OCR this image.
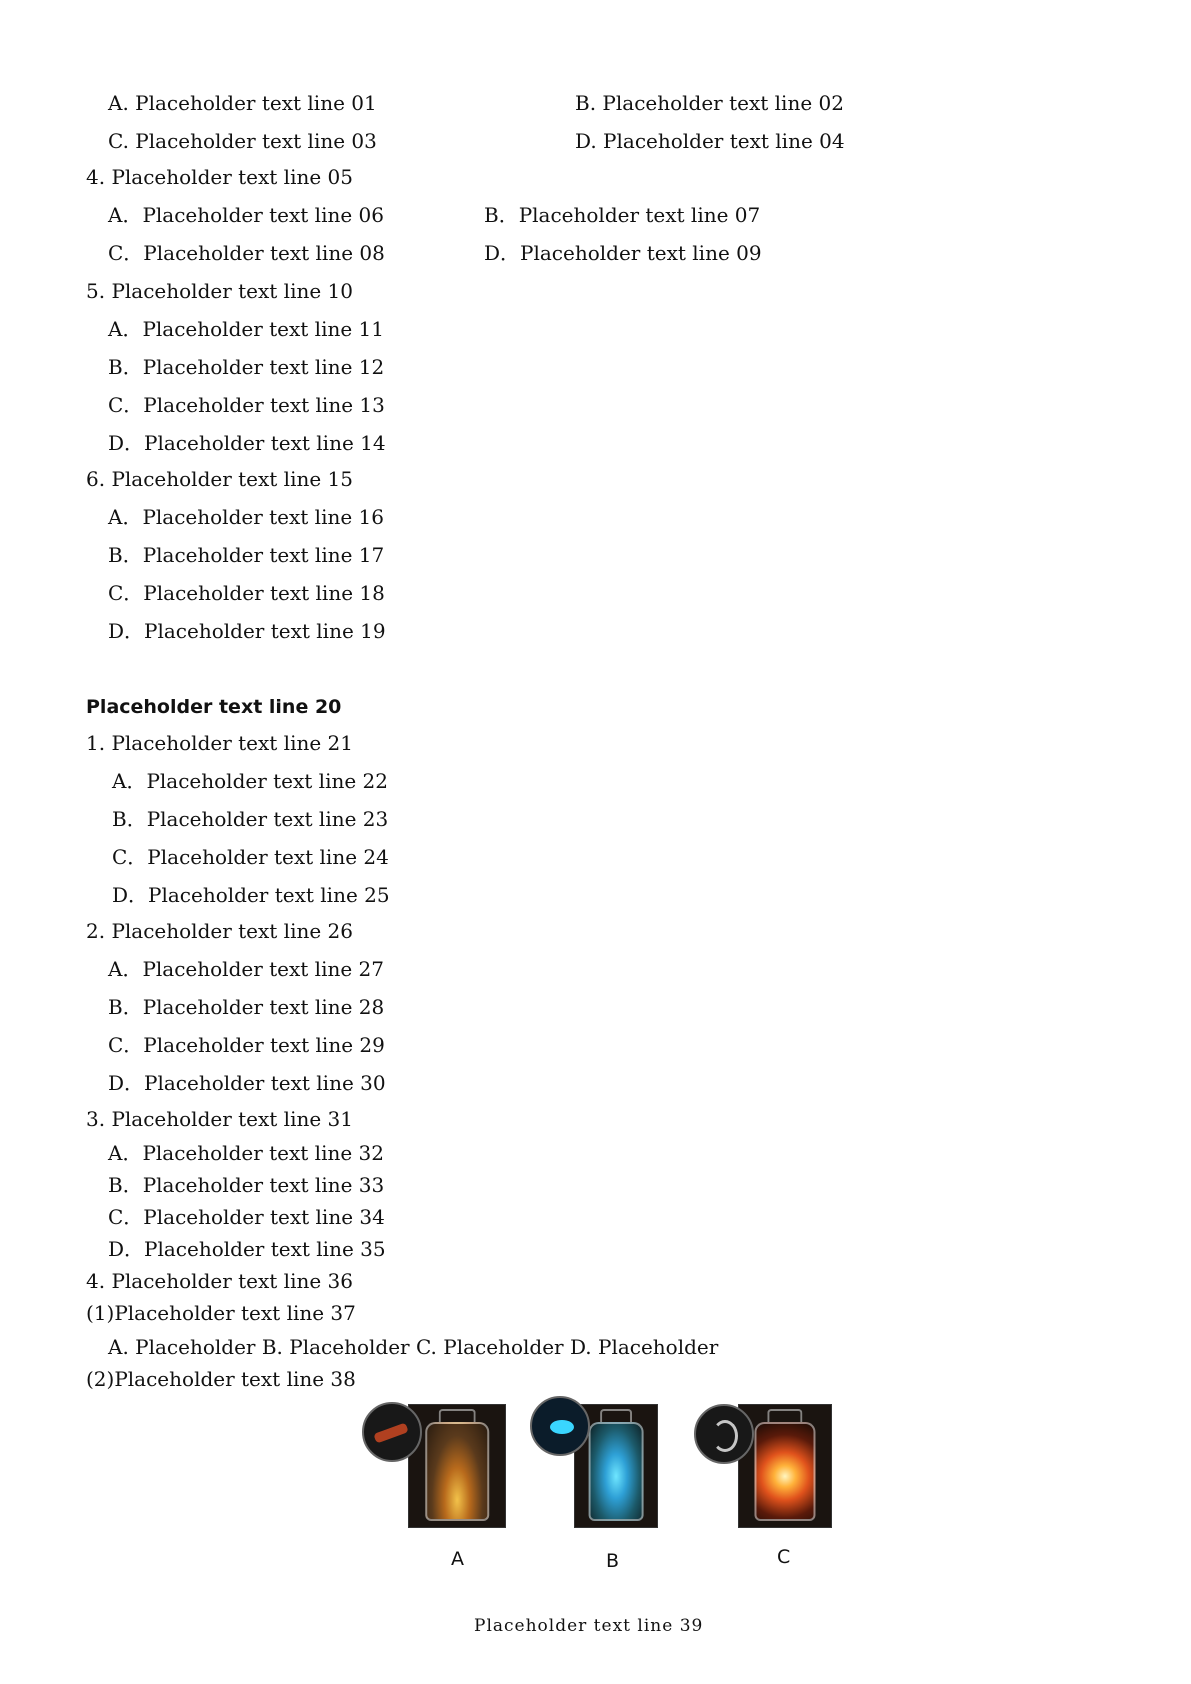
A. Placeholder text line 01	B. Placeholder text line 02
C. Placeholder text line 03	D. Placeholder text line 04
4. Placeholder text line 05
A．Placeholder text line 06	B．Placeholder text line 07
C．Placeholder text line 08	D．Placeholder text line 09
5. Placeholder text line 10
A．Placeholder text line 11
B．Placeholder text line 12
C．Placeholder text line 13
D．Placeholder text line 14
6. Placeholder text line 15
A．Placeholder text line 16
B．Placeholder text line 17
C．Placeholder text line 18
D．Placeholder text line 19
Placeholder text line 20
1. Placeholder text line 21
A．Placeholder text line 22
B．Placeholder text line 23
C．Placeholder text line 24
D．Placeholder text line 25
2. Placeholder text line 26
A．Placeholder text line 27
B．Placeholder text line 28
C．Placeholder text line 29
D．Placeholder text line 30
3. Placeholder text line 31
A．Placeholder text line 32
B．Placeholder text line 33
C．Placeholder text line 34
D．Placeholder text line 35
4. Placeholder text line 36
(1)Placeholder text line 37
A. Placeholder B. Placeholder C. Placeholder D. Placeholder
(2)Placeholder text line 38
A	B	C
Placeholder text line 39
